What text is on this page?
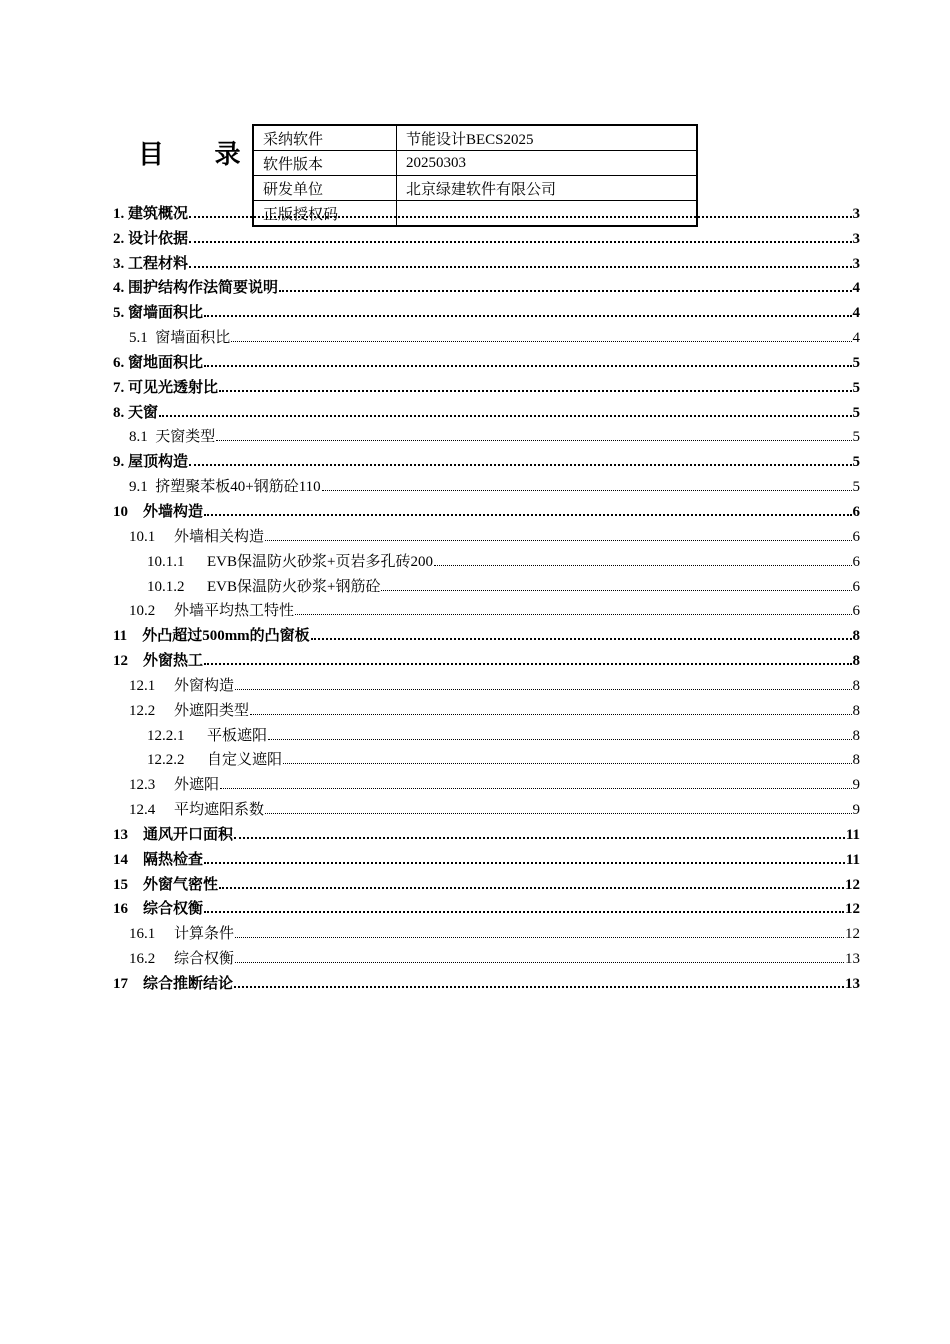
目 录
采纳软件	节能设计BECS2025
软件版本	20250303
研发单位	北京绿建软件有限公司
正版授权码	
1. 建筑概况	3
2. 设计依据	3
3. 工程材料	3
4. 围护结构作法简要说明	4
5. 窗墙面积比	4
5.1 窗墙面积比	4
6. 窗地面积比	5
7. 可见光透射比	5
8. 天窗	5
8.1 天窗类型	5
9. 屋顶构造	5
9.1 挤塑聚苯板40+钢筋砼110	5
10 外墙构造	6
10.1 外墙相关构造	6
10.1.1 EVB保温防火砂浆+页岩多孔砖200	6
10.1.2 EVB保温防火砂浆+钢筋砼	6
10.2 外墙平均热工特性	6
11 外凸超过500mm的凸窗板	8
12 外窗热工	8
12.1 外窗构造	8
12.2 外遮阳类型	8
12.2.1 平板遮阳	8
12.2.2 自定义遮阳	8
12.3 外遮阳	9
12.4 平均遮阳系数	9
13 通风开口面积	11
14 隔热检查	11
15 外窗气密性	12
16 综合权衡	12
16.1 计算条件	12
16.2 综合权衡	13
17 综合推断结论	13
